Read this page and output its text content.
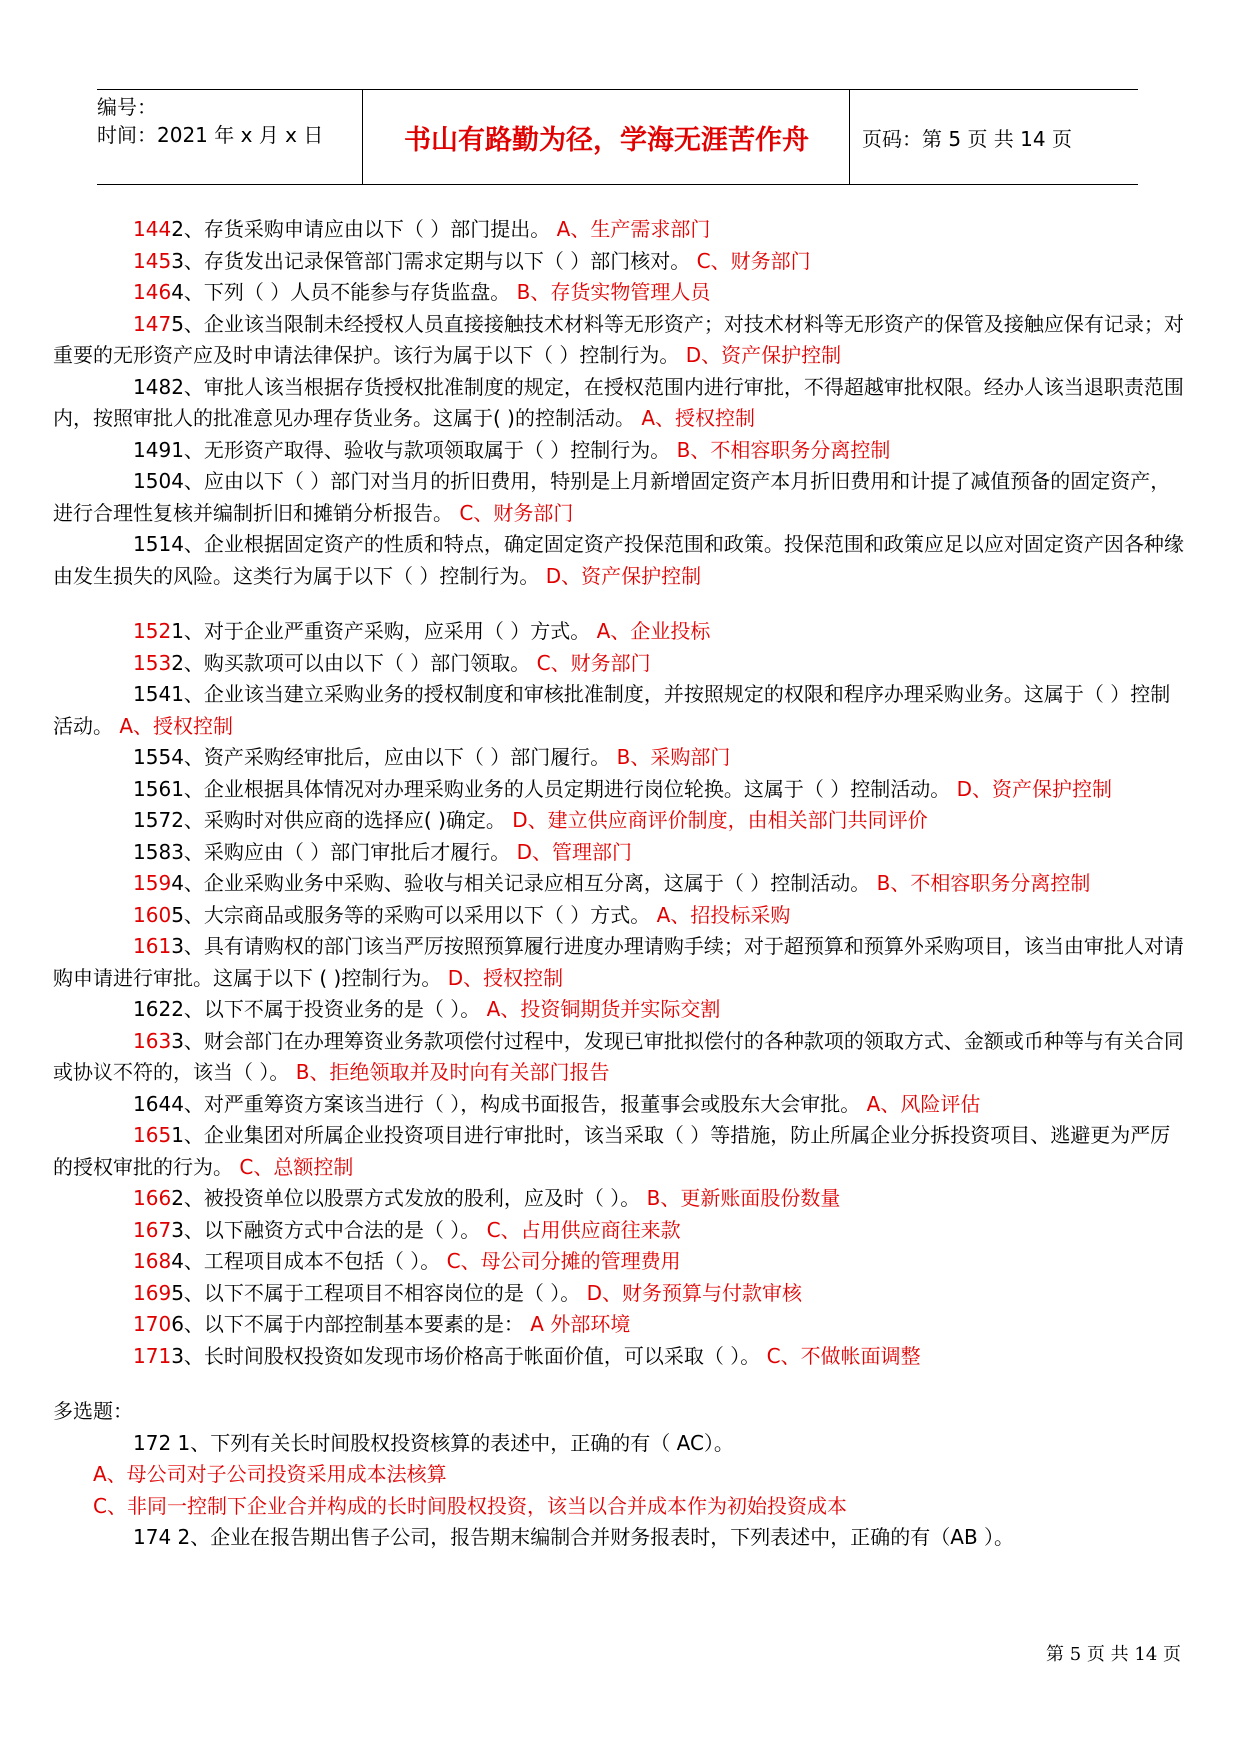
编号：
时间：2021 年 x 月 x 日	书山有路勤为径，学海无涯苦作舟	页码：第 5 页 共 14 页
1442、存货采购申请应由以下（ ）部门提出。 A、生产需求部门
1453、存货发出记录保管部门需求定期与以下（ ）部门核对。 C、财务部门
1464、下列（ ）人员不能参与存货监盘。 B、存货实物管理人员
1475、企业该当限制未经授权人员直接接触技术材料等无形资产；对技术材料等无形资产的保管及接触应保有记录；对重要的无形资产应及时申请法律保护。该行为属于以下（ ）控制行为。 D、资产保护控制
1482、审批人该当根据存货授权批准制度的规定，在授权范围内进行审批，不得超越审批权限。经办人该当退职责范围内，按照审批人的批准意见办理存货业务。这属于( )的控制活动。 A、授权控制
1491、无形资产取得、验收与款项领取属于（ ）控制行为。 B、不相容职务分离控制
1504、应由以下（ ）部门对当月的折旧费用，特别是上月新增固定资产本月折旧费用和计提了减值预备的固定资产，进行合理性复核并编制折旧和摊销分析报告。 C、财务部门
1514、企业根据固定资产的性质和特点，确定固定资产投保范围和政策。投保范围和政策应足以应对固定资产因各种缘由发生损失的风险。这类行为属于以下（ ）控制行为。 D、资产保护控制
1521、对于企业严重资产采购，应采用（ ）方式。 A、企业投标
1532、购买款项可以由以下（ ）部门领取。 C、财务部门
1541、企业该当建立采购业务的授权制度和审核批准制度，并按照规定的权限和程序办理采购业务。这属于（ ）控制活动。 A、授权控制
1554、资产采购经审批后，应由以下（ ）部门履行。 B、采购部门
1561、企业根据具体情况对办理采购业务的人员定期进行岗位轮换。这属于（ ）控制活动。 D、资产保护控制
1572、采购时对供应商的选择应( )确定。 D、建立供应商评价制度，由相关部门共同评价
1583、采购应由（ ）部门审批后才履行。 D、管理部门
1594、企业采购业务中采购、验收与相关记录应相互分离，这属于（ ）控制活动。 B、不相容职务分离控制
1605、大宗商品或服务等的采购可以采用以下（ ）方式。 A、招投标采购
1613、具有请购权的部门该当严厉按照预算履行进度办理请购手续；对于超预算和预算外采购项目，该当由审批人对请购申请进行审批。这属于以下 ( )控制行为。 D、授权控制
1622、以下不属于投资业务的是（ ）。 A、投资铜期货并实际交割
1633、财会部门在办理筹资业务款项偿付过程中，发现已审批拟偿付的各种款项的领取方式、金额或币种等与有关合同或协议不符的，该当（ ）。 B、拒绝领取并及时向有关部门报告
1644、对严重筹资方案该当进行（ ），构成书面报告，报董事会或股东大会审批。 A、风险评估
1651、企业集团对所属企业投资项目进行审批时，该当采取（ ）等措施，防止所属企业分拆投资项目、逃避更为严厉的授权审批的行为。 C、总额控制
1662、被投资单位以股票方式发放的股利，应及时（ ）。 B、更新账面股份数量
1673、以下融资方式中合法的是（ ）。 C、占用供应商往来款
1684、工程项目成本不包括（ ）。 C、母公司分摊的管理费用
1695、以下不属于工程项目不相容岗位的是（ ）。 D、财务预算与付款审核
1706、以下不属于内部控制基本要素的是： A 外部环境
1713、长时间股权投资如发现市场价格高于帐面价值，可以采取（ ）。 C、不做帐面调整
多选题：
172 1、下列有关长时间股权投资核算的表述中，正确的有（ AC）。
A、母公司对子公司投资采用成本法核算
C、非同一控制下企业合并构成的长时间股权投资，该当以合并成本作为初始投资成本
174 2、企业在报告期出售子公司，报告期末编制合并财务报表时，下列表述中，正确的有（AB ）。
第 5 页 共 14 页
